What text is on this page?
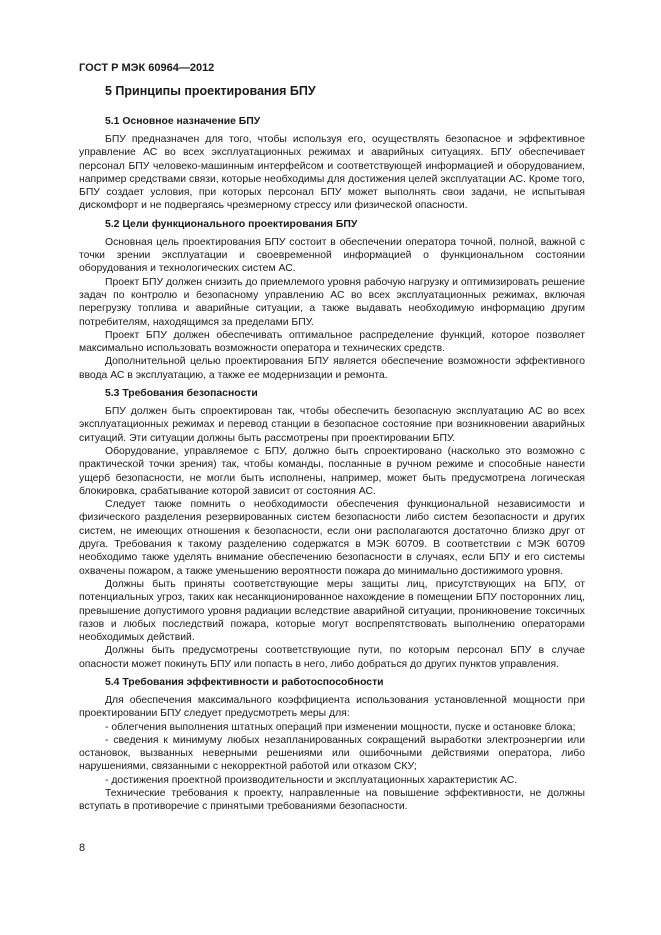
ГОСТ Р МЭК 60964—2012
5 Принципы проектирования БПУ
5.1 Основное назначение БПУ

БПУ предназначен для того, чтобы используя его, осуществлять безопасное и эффективное управление АС во всех эксплуатационных режимах и аварийных ситуациях. БПУ обеспечивает персонал БПУ человеко-машинным интерфейсом и соответствующей информацией и оборудованием, например средствами связи, которые необходимы для достижения целей эксплуатации АС. Кроме того, БПУ создает условия, при которых персонал БПУ может выполнять свои задачи, не испытывая дискомфорт и не подвергаясь чрезмерному стрессу или физической опасности.

5.2 Цели функционального проектирования БПУ

Основная цель проектирования БПУ состоит в обеспечении оператора точной, полной, важной с точки зрении эксплуатации и своевременной информацией о функциональном состоянии оборудования и технологических систем АС.

Проект БПУ должен снизить до приемлемого уровня рабочую нагрузку и оптимизировать решение задач по контролю и безопасному управлению АС во всех эксплуатационных режимах, включая перегрузку топлива и аварийные ситуации, а также выдавать необходимую информацию другим потребителям, находящимся за пределами БПУ.

Проект БПУ должен обеспечивать оптимальное распределение функций, которое позволяет максимально использовать возможности оператора и технических средств.

Дополнительной целью проектирования БПУ является обеспечение возможности эффективного ввода АС в эксплуатацию, а также ее модернизации и ремонта.

5.3 Требования безопасности

БПУ должен быть спроектирован так, чтобы обеспечить безопасную эксплуатацию АС во всех эксплуатационных режимах и перевод станции в безопасное состояние при возникновении аварийных ситуаций. Эти ситуации должны быть рассмотрены при проектировании БПУ.

Оборудование, управляемое с БПУ, должно быть спроектировано (насколько это возможно с практической точки зрения) так, чтобы команды, посланные в ручном режиме и способные нанести ущерб безопасности, не могли быть исполнены, например, может быть предусмотрена логическая блокировка, срабатывание которой зависит от состояния АС.

Следует также помнить о необходимости обеспечения функциональной независимости и физического разделения резервированных систем безопасности либо систем безопасности и других систем, не имеющих отношения к безопасности, если они располагаются достаточно близко друг от друга. Требования к такому разделению содержатся в МЭК 60709. В соответствии с МЭК 60709 необходимо также уделять внимание обеспечению безопасности в случаях, если БПУ и его системы охвачены пожаром, а также уменьшению вероятности пожара до минимально достижимого уровня.

Должны быть приняты соответствующие меры защиты лиц, присутствующих на БПУ, от потенциальных угроз, таких как несанкционированное нахождение в помещении БПУ посторонних лиц, превышение допустимого уровня радиации вследствие аварийной ситуации, проникновение токсичных газов и любых последствий пожара, которые могут воспрепятствовать выполнению операторами необходимых действий.

Должны быть предусмотрены соответствующие пути, по которым персонал БПУ в случае опасности может покинуть БПУ или попасть в него, либо добраться до других пунктов управления.

5.4 Требования эффективности и работоспособности

Для обеспечения максимального коэффициента использования установленной мощности при проектировании БПУ следует предусмотреть меры для:

- облегчения выполнения штатных операций при изменении мощности, пуске и остановке блока;

- сведения к минимуму любых незапланированных сокращений выработки электроэнергии или остановок, вызванных неверными решениями или ошибочными действиями оператора, либо нарушениями, связанными с некорректной работой или отказом СКУ;

- достижения проектной производительности и эксплуатационных характеристик АС.

Технические требования к проекту, направленные на повышение эффективности, не должны вступать в противоречие с принятыми требованиями безопасности.

8
